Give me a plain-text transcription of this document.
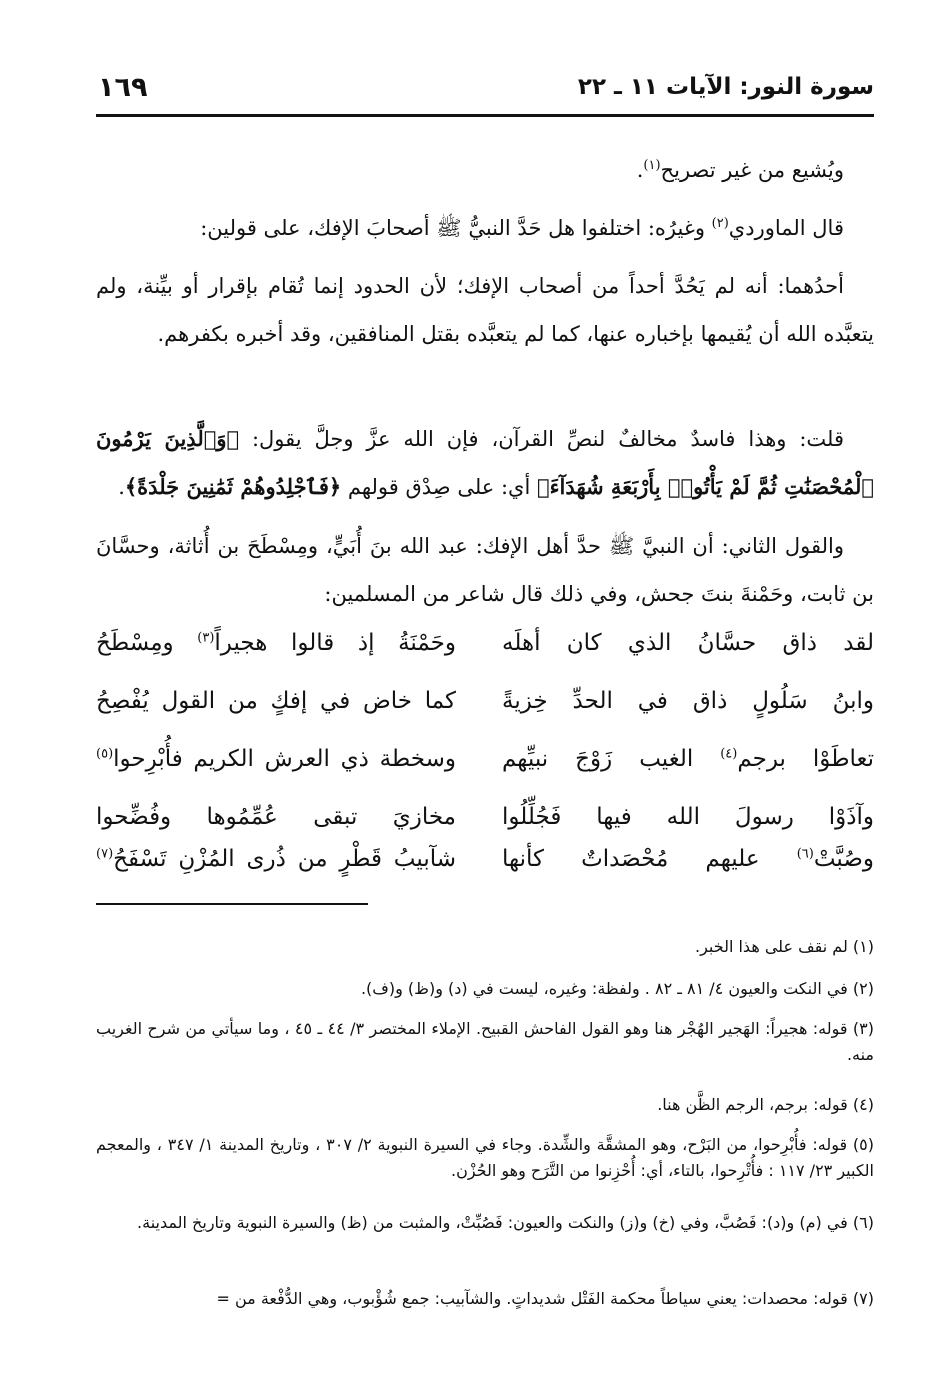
سورة النور: الآيات ١١ ـ ٢٢
١٦٩

ويُشيع من غير تصريح$^{(١)}$.

قال الماوردي$^{(٢)}$ وغيرُه: اختلفوا هل حَدَّ النبيُّ ﷺ أصحابَ الإفك، على قولين:

أحدُهما: أنه لم يَحُدَّ أحداً من أصحاب الإفك؛ لأن الحدود إنما تُقام بإقرار أو بيِّنة، ولم يتعبَّده الله أن يُقيمها بإخباره عنها، كما لم يتعبَّده بقتل المنافقين، وقد أخبره بكفرهم.

قلت: وهذا فاسدٌ مخالفٌ لنصِّ القرآن، فإن الله عزَّ وجلَّ يقول: ﴿وَٱلَّذِينَ يَرْمُونَ ٱلْمُحْصَنَٰتِ ثُمَّ لَمْ يَأْتُوا۟ بِأَرْبَعَةِ شُهَدَآءَ﴾ أي: على صِدْق قولهم ﴿فَٱجْلِدُوهُمْ ثَمَٰنِينَ جَلْدَةً﴾.

والقول الثاني: أن النبيَّ ﷺ حدَّ أهل الإفك: عبد الله بنَ أُبَيٍّ، ومِسْطَحَ بن أُثاثة، وحسَّانَ بن ثابت، وحَمْنةَ بنتَ جحش، وفي ذلك قال شاعر من المسلمين:

لقد ذاق حسَّانُ الذي كان أهلَه
وحَمْنَةُ إذ قالوا هجيراً$^{(٣)}$ ومِسْطَحُ
وابنُ سَلُولٍ ذاق في الحدِّ خِزيةً
كما خاض في إفكٍ من القول يُفْصِحُ
تعاطَوْا برجم$^{(٤)}$ الغيب زَوْجَ نبيِّهم
وسخطة ذي العرش الكريم فأُبْرِحوا$^{(٥)}$
وآذَوْا رسولَ الله فيها فَجُلِّلُوا
مخازيَ تبقى عُمِّمُوها وفُضِّحوا
وصُبَّتْ$^{(٦)}$ عليهم مُحْصَداتٌ كأنها
شآبيبُ قَطْرٍ من ذُرى المُزْنِ تَسْفَحُ$^{(٧)}$

(١) لم نقف على هذا الخبر.

(٢) في النكت والعيون ٤/ ٨١ ـ ٨٢ . ولفظة: وغيره، ليست في (د) و(ظ) و(ف).

(٣) قوله: هجيراً: الهَجير الهُجْر هنا وهو القول الفاحش القبيح. الإملاء المختصر ٣/ ٤٤ ـ ٤٥ ، وما سيأتي من شرح الغريب منه.

(٤) قوله: برجم، الرجم الظَّن هنا.

(٥) قوله: فأُبْرِحوا، من البَرْح، وهو المشقَّة والشِّدة. وجاء في السيرة النبوية ٢/ ٣٠٧ ، وتاريخ المدينة ١/ ٣٤٧ ، والمعجم الكبير ٢٣/ ١١٧ : فأُتْرِحوا، بالتاء، أي: أُحْزِنوا من التَّرَح وهو الحُزْن.

(٦) في (م) و(د): فَصُبَّ، وفي (خ) و(ز) والنكت والعيون: فَصُبِّتْ، والمثبت من (ظ) والسيرة النبوية وتاريخ المدينة.

(٧) قوله: محصدات: يعني سياطاً محكمة الفَتْل شديداتٍ. والشآبيب: جمع شُؤْبوب، وهي الدُّفْعة من =
